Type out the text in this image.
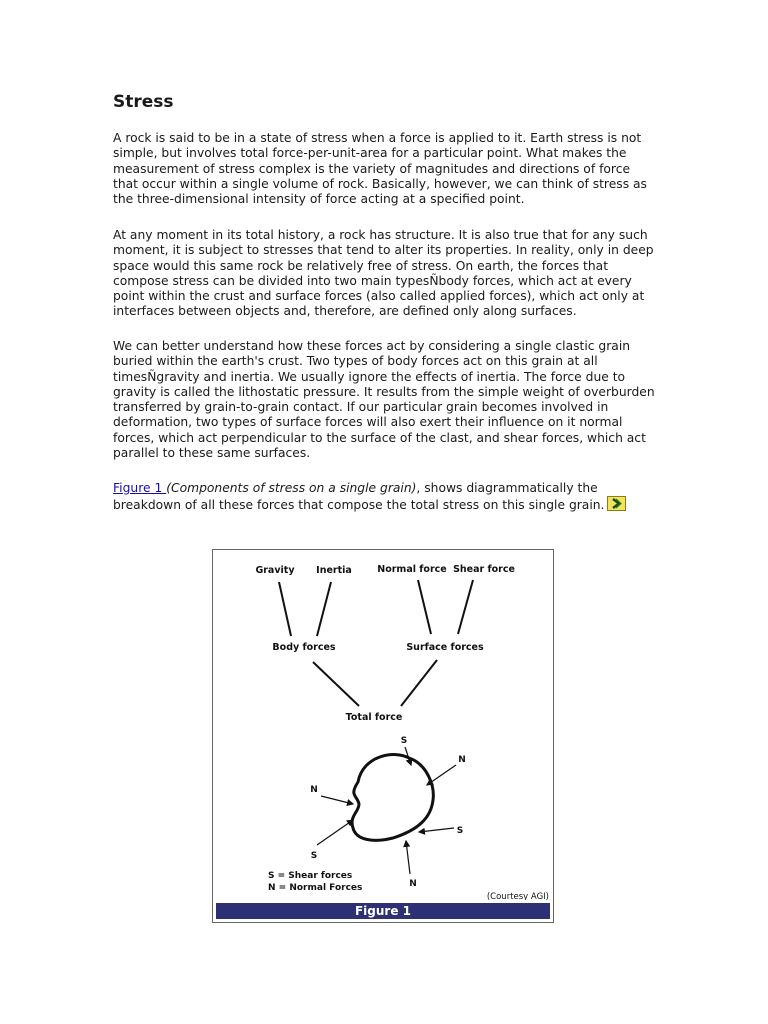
Stress

A rock is said to be in a state of stress when a force is applied to it. Earth stress is not simple, but involves total force-per-unit-area for a particular point. What makes the measurement of stress complex is the variety of magnitudes and directions of force that occur within a single volume of rock. Basically, however, we can think of stress as the three-dimensional intensity of force acting at a specified point.

At any moment in its total history, a rock has structure. It is also true that for any such moment, it is subject to stresses that tend to alter its properties. In reality, only in deep space would this same rock be relatively free of stress. On earth, the forces that compose stress can be divided into two main typesÑbody forces, which act at every point within the crust and surface forces (also called applied forces), which act only at interfaces between objects and, therefore, are defined only along surfaces.

We can better understand how these forces act by considering a single clastic grain buried within the earth's crust. Two types of body forces act on this grain at all timesÑgravity and inertia. We usually ignore the effects of inertia. The force due to gravity is called the lithostatic pressure. It results from the simple weight of overburden transferred by grain-to-grain contact. If our particular grain becomes involved in deformation, two types of surface forces will also exert their influence on it normal forces, which act perpendicular to the surface of the clast, and shear forces, which act parallel to these same surfaces.

Figure 1 (Components of stress on a single grain), shows diagrammatically the breakdown of all these forces that compose the total stress on this single grain.

Gravity Inertia	Normal force Shear force
Body forces	Surface forces
Total force
S
N
N
S
S
N
S = Shear forces
N = Normal Forces
(Courtesy AGI)
Figure 1
